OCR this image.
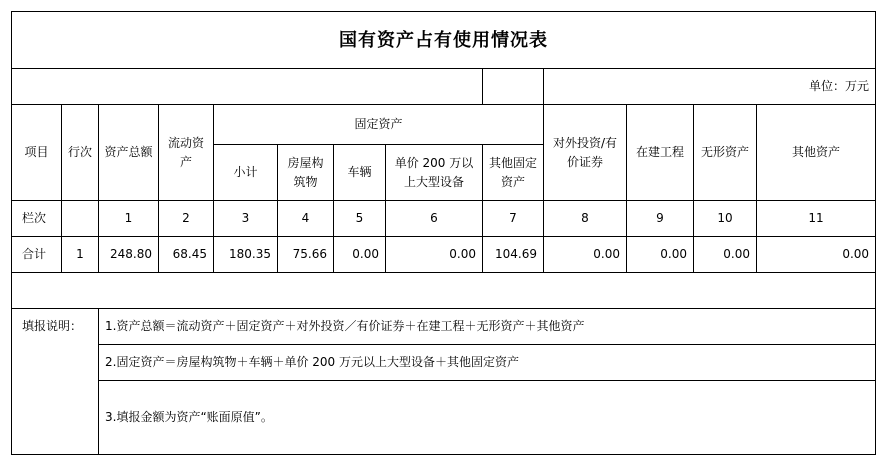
国有资产占有使用情况表												
									单位：万元			
项目	行次	资产总额	流动资产	固定资产					对外投资/有价证券	在建工程	无形资产	其他资产
				小计	房屋构筑物	车辆	单价 200 万以上大型设备	其他固定资产				
栏次		1	2	3	4	5	6	7	8	9	10	11
合计	1	248.80	68.45	180.35	75.66	0.00	0.00	104.69	0.00	0.00	0.00	0.00

填报说明：		1.资产总额＝流动资产＋固定资产＋对外投资／有价证券＋在建工程＋无形资产＋其他资产										
		2.固定资产＝房屋构筑物＋车辆＋单价 200 万元以上大型设备＋其他固定资产										
		3.填报金额为资产“账面原值”。										
